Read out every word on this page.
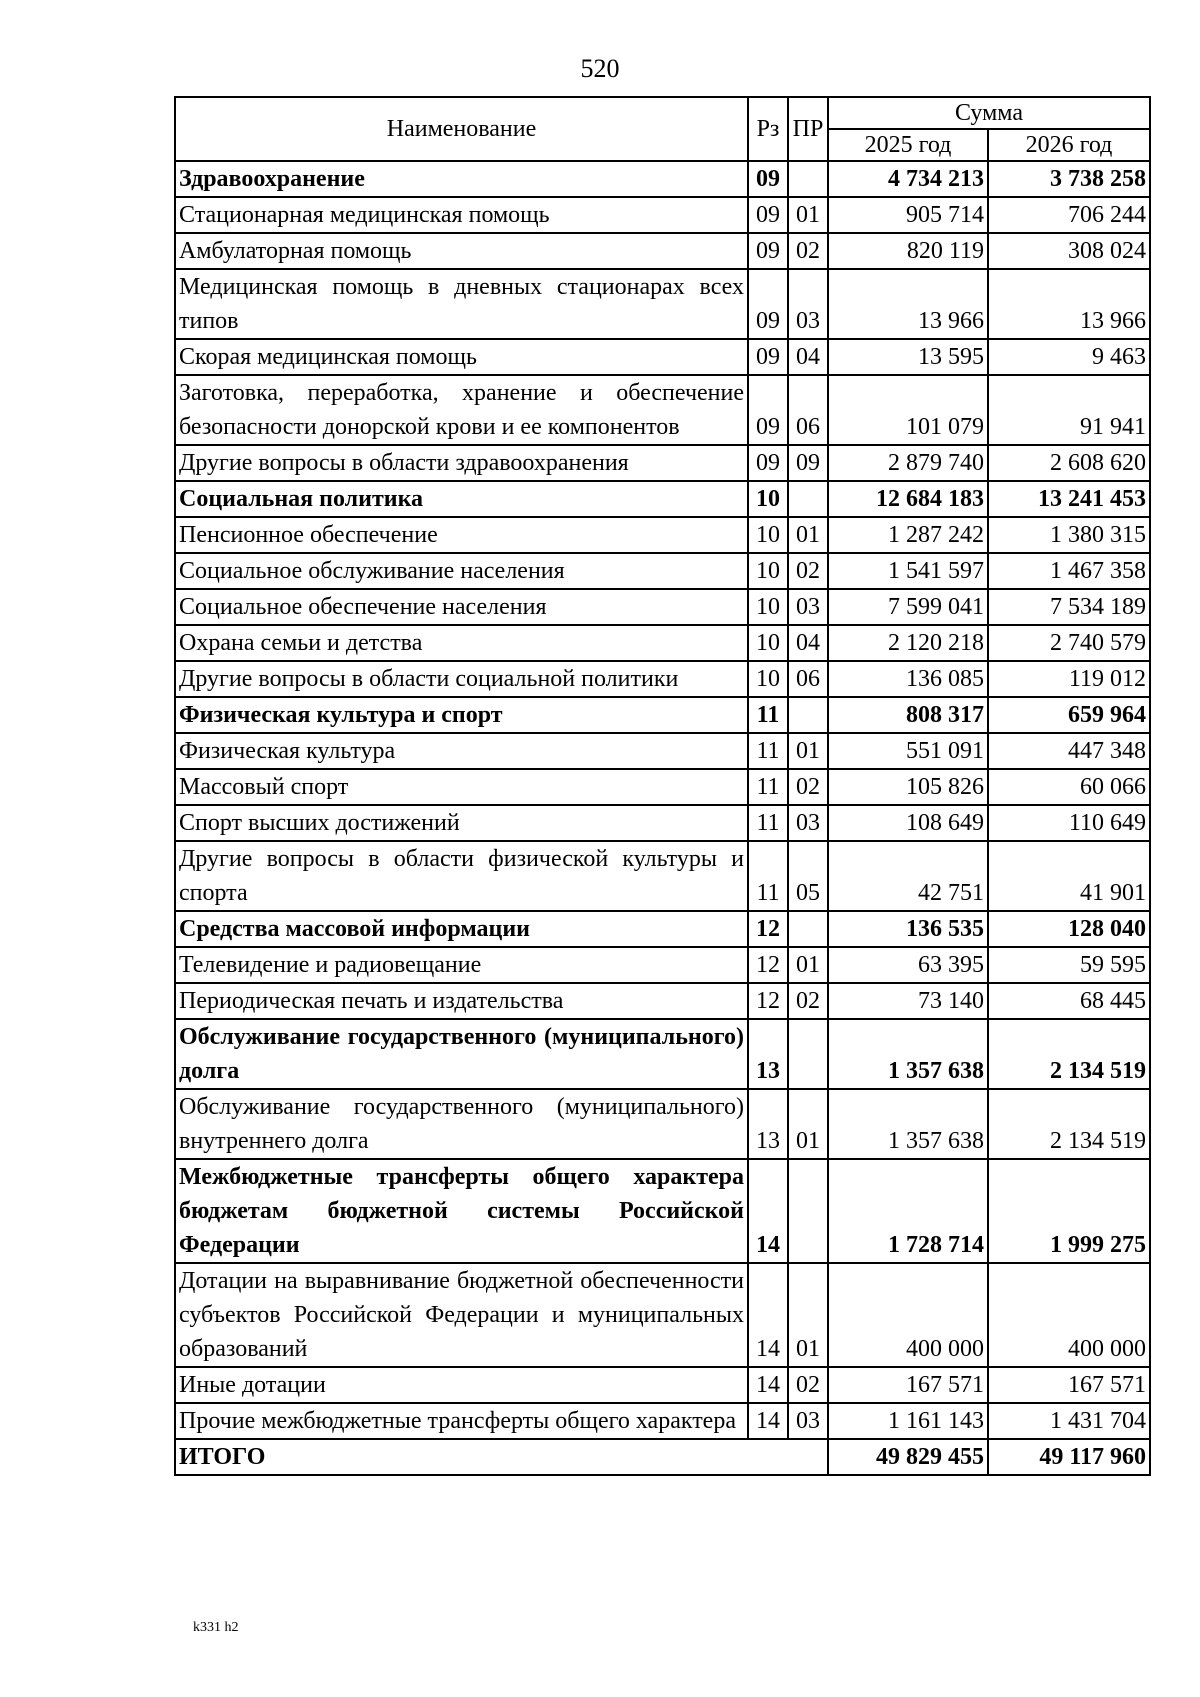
520
Наименование	Рз	ПР	Сумма	
			2025 год	2026 год
Здравоохранение	09		4 734 213	3 738 258
Стационарная медицинская помощь	09	01	905 714	706 244
Амбулаторная помощь	09	02	820 119	308 024
Медицинская помощь в дневных стационарах всех типов	09	03	13 966	13 966
Скорая медицинская помощь	09	04	13 595	9 463
Заготовка, переработка, хранение и обеспечение безопасности донорской крови и ее компонентов	09	06	101 079	91 941
Другие вопросы в области здравоохранения	09	09	2 879 740	2 608 620
Социальная политика	10		12 684 183	13 241 453
Пенсионное обеспечение	10	01	1 287 242	1 380 315
Социальное обслуживание населения	10	02	1 541 597	1 467 358
Социальное обеспечение населения	10	03	7 599 041	7 534 189
Охрана семьи и детства	10	04	2 120 218	2 740 579
Другие вопросы в области социальной политики	10	06	136 085	119 012
Физическая культура и спорт	11		808 317	659 964
Физическая культура	11	01	551 091	447 348
Массовый спорт	11	02	105 826	60 066
Спорт высших достижений	11	03	108 649	110 649
Другие вопросы в области физической культуры и спорта	11	05	42 751	41 901
Средства массовой информации	12		136 535	128 040
Телевидение и радиовещание	12	01	63 395	59 595
Периодическая печать и издательства	12	02	73 140	68 445
Обслуживание государственного (муниципального) долга	13		1 357 638	2 134 519
Обслуживание государственного (муниципального) внутреннего долга	13	01	1 357 638	2 134 519
Межбюджетные трансферты общего характера бюджетам бюджетной системы Российской Федерации	14		1 728 714	1 999 275
Дотации на выравнивание бюджетной обеспеченности субъектов Российской Федерации и муниципальных образований	14	01	400 000	400 000
Иные дотации	14	02	167 571	167 571
Прочие межбюджетные трансферты общего характера	14	03	1 161 143	1 431 704
ИТОГО			49 829 455	49 117 960
k331 h2
